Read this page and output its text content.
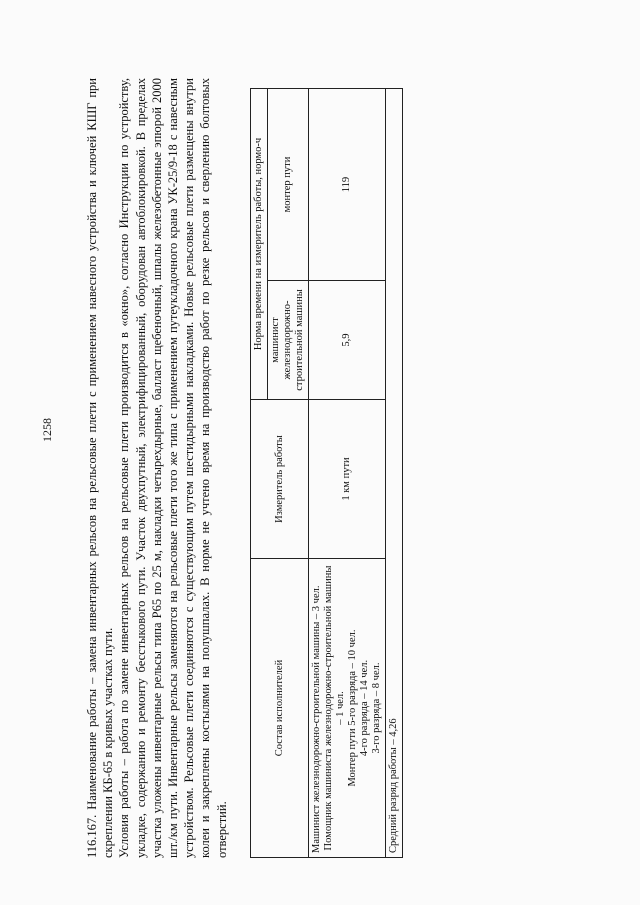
1258 116.167. Наименование работы – замена инвентарных рельсов на рельсовые плети с применением навесного устройства и ключей КШГ при скреплении КБ-65 в кривых участках пути. Условия работы – работа по замене инвентарных рельсов на рельсовые плети производится в «окно», согласно Инструкции по устройству, укладке, содержанию и ремонту бесстыкового пути. Участок двухпутный, электрифицированный, оборудован автоблокировкой. В пределах участка уложены инвентарные рельсы типа Р65 по 25 м, накладки четырехдырные, балласт щебеночный, шпалы железобетонные эпюрой 2000 шт./км пути. Инвентарные рельсы заменяются на рельсовые плети того же типа с применением путеукладочного крана УК-25/9-18 с навесным устройством. Рельсовые плети соединяются с существующим путем шестидырными накладками. Новые рельсовые плети размещены внутри колеи и закреплены костылями на полушпалах. В норме не учтено время на производство работ по резке рельсов и сверлению болтовых отверстий.

Состав исполнителей	Измеритель работы	Норма времени на измеритель работы, нормо-ч	
		машинист железнодорожно-строительной машины	монтер пути

Машинист железнодорожно-строительной машины – 3 чел. Помощник машиниста железнодорожно-строительной машины – 1 чел. Монтер пути 5-го разряда – 10 чел. 4-го разряда – 14 чел. 3-го разряда – 8 чел.	1 км пути	5,9	119
Средний разряд работы – 4,26			
